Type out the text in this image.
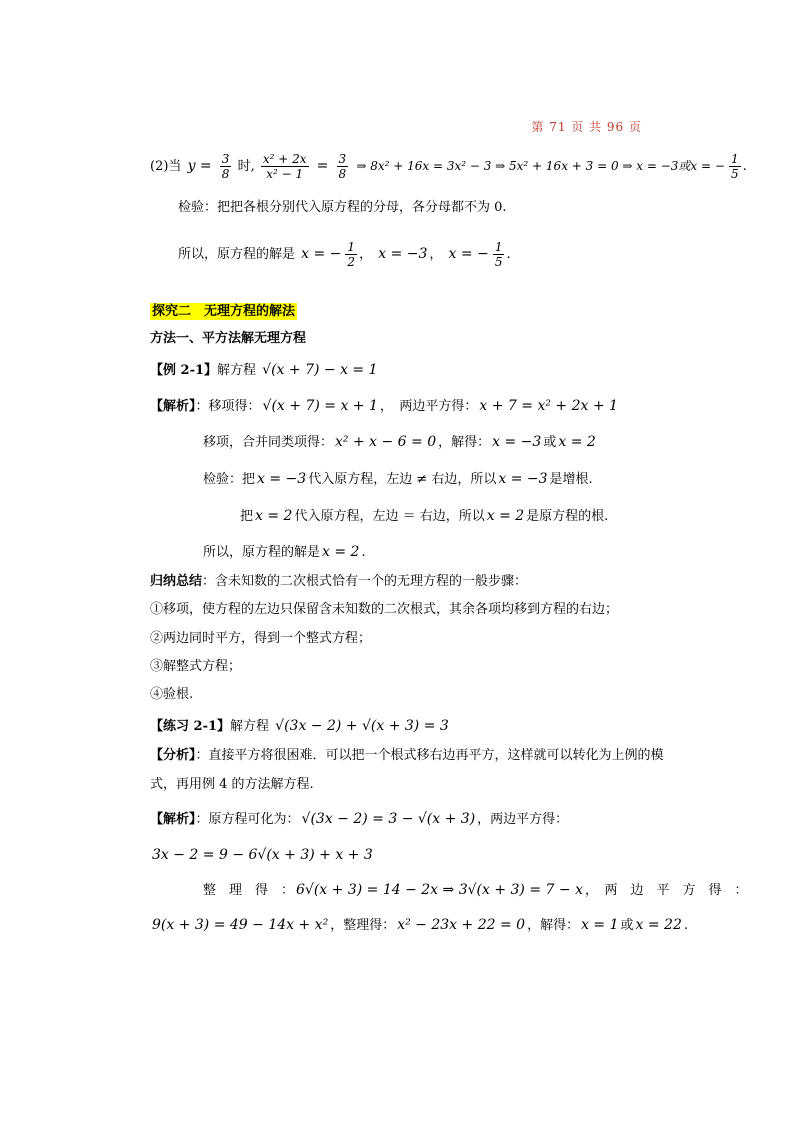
第 71 页 共 96 页
(2)当 $y = \frac{3}{8}$ 时, $\frac{\text{x² + 2x}}{\text{x² − 1}} = \frac{3}{8}$ ⇒ 8x² + 16x = 3x² − 3 ⇒ 5x² + 16x + 3 = 0 ⇒ x = −3或x = − $\frac{1}{5}$ .
检验：把把各根分别代入原方程的分母，各分母都不为 0.
所以，原方程的解是 x = − $\frac{1}{2}$ ， x = −3 ， x = − $\frac{1}{5}$ .
探究二　无理方程的解法
方法一、平方法解无理方程
【例 2-1】解方程 √(x + 7) − x = 1
【解析】：移项得： √(x + 7) = x + 1 ，　两边平方得： x + 7 = x² + 2x + 1
移项，合并同类项得： x² + x − 6 = 0 ，解得： x = −3 或 x = 2
检验：把 x = −3 代入原方程，左边 ≠ 右边，所以 x = −3 是增根.
把 x = 2 代入原方程，左边 ＝ 右边，所以 x = 2 是原方程的根.
所以，原方程的解是 x = 2 .
归纳总结：含未知数的二次根式恰有一个的无理方程的一般步骤：
①移项，使方程的左边只保留含未知数的二次根式，其余各项均移到方程的右边；
②两边同时平方，得到一个整式方程；
③解整式方程；
④验根.
【练习 2-1】解方程 √(3x − 2) + √(x + 3) = 3
【分析】：直接平方将很困难．可以把一个根式移右边再平方，这样就可以转化为上例的模
式，再用例 4 的方法解方程.
【解析】：原方程可化为： √(3x − 2) = 3 − √(x + 3) ，两边平方得：
3x − 2 = 9 − 6√(x + 3) + x + 3
整　理　得　： 6√(x + 3) = 14 − 2x ⇒ 3√(x + 3) = 7 − x ，　两　边　平　方　得　：
9(x + 3) = 49 − 14x + x² ，整理得： x² − 23x + 22 = 0 ，解得： x = 1 或 x = 22 .
